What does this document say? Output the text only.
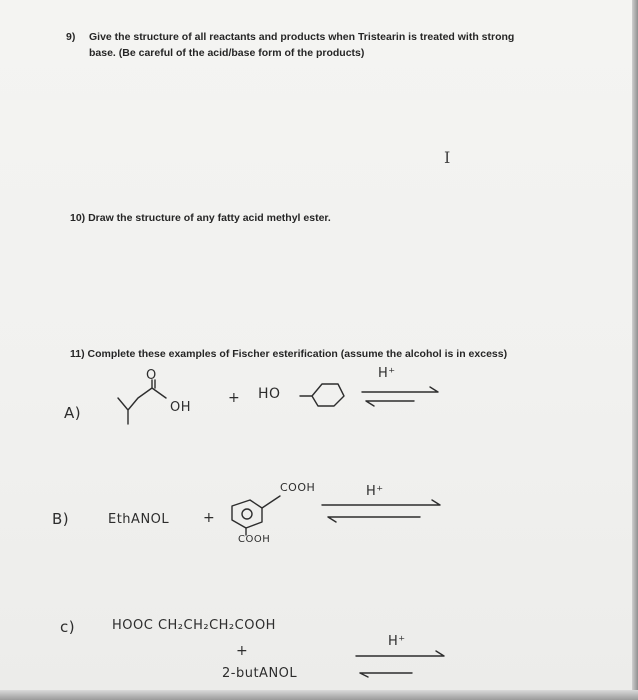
9) Give the structure of all reactants and products when Tristearin is treated with strong
base. (Be careful of the acid/base form of the products)
10) Draw the structure of any fatty acid methyl ester.
11) Complete these examples of Fischer esterification (assume the alcohol is in excess)
I
A)
O
OH
+ HO
H⁺
B)	EthANOL +
COOH
COOH
H⁺
c)	HOOC CH₂CH₂CH₂COOH
+
2-butANOL
H⁺
